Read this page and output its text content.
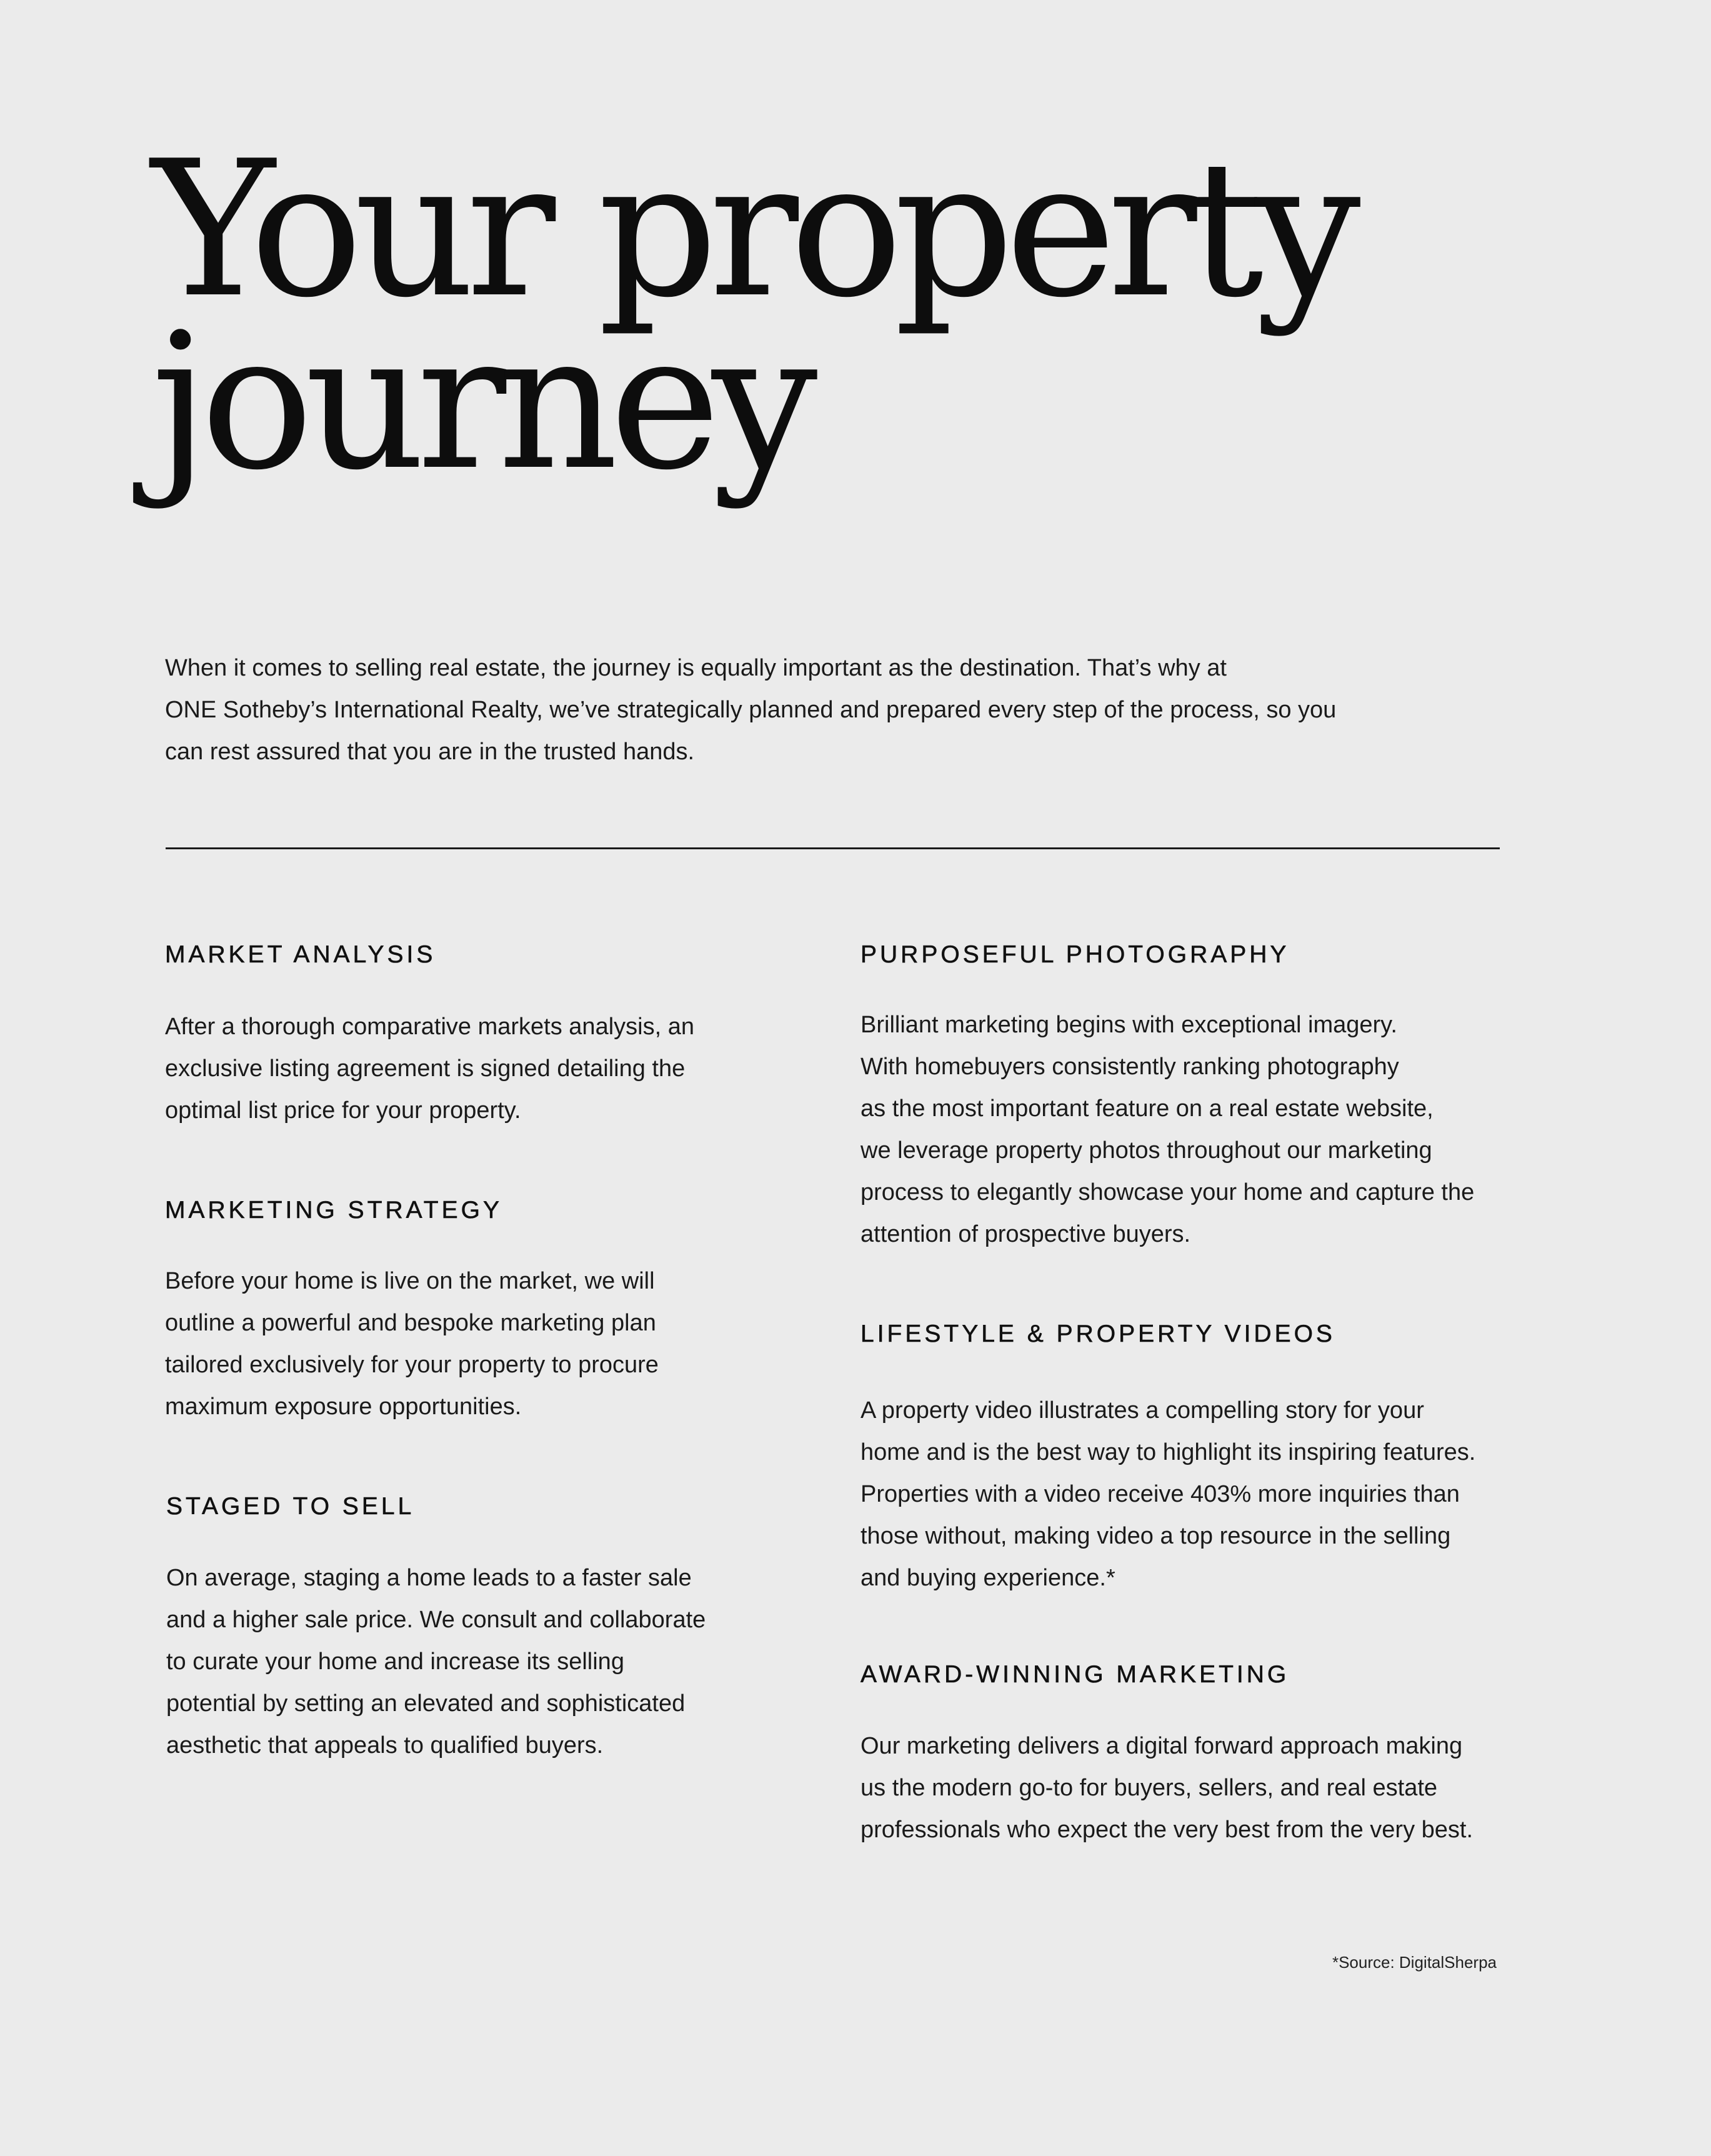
Your property
journey

When it comes to selling real estate, the journey is equally important as the destination. That’s why at
ONE Sotheby’s International Realty, we’ve strategically planned and prepared every step of the process, so you
can rest assured that you are in the trusted hands.

MARKET ANALYSIS

After a thorough comparative markets analysis, an
exclusive listing agreement is signed detailing the
optimal list price for your property.

MARKETING STRATEGY

Before your home is live on the market, we will
outline a powerful and bespoke marketing plan
tailored exclusively for your property to procure
maximum exposure opportunities.

STAGED TO SELL

On average, staging a home leads to a faster sale
and a higher sale price. We consult and collaborate
to curate your home and increase its selling
potential by setting an elevated and sophisticated
aesthetic that appeals to qualified buyers.

PURPOSEFUL PHOTOGRAPHY

Brilliant marketing begins with exceptional imagery.
With homebuyers consistently ranking photography
as the most important feature on a real estate website,
we leverage property photos throughout our marketing
process to elegantly showcase your home and capture the
attention of prospective buyers.

LIFESTYLE & PROPERTY VIDEOS

A property video illustrates a compelling story for your
home and is the best way to highlight its inspiring features.
Properties with a video receive 403% more inquiries than
those without, making video a top resource in the selling
and buying experience.*

AWARD-WINNING MARKETING

Our marketing delivers a digital forward approach making
us the modern go-to for buyers, sellers, and real estate
professionals who expect the very best from the very best.

*Source: DigitalSherpa
